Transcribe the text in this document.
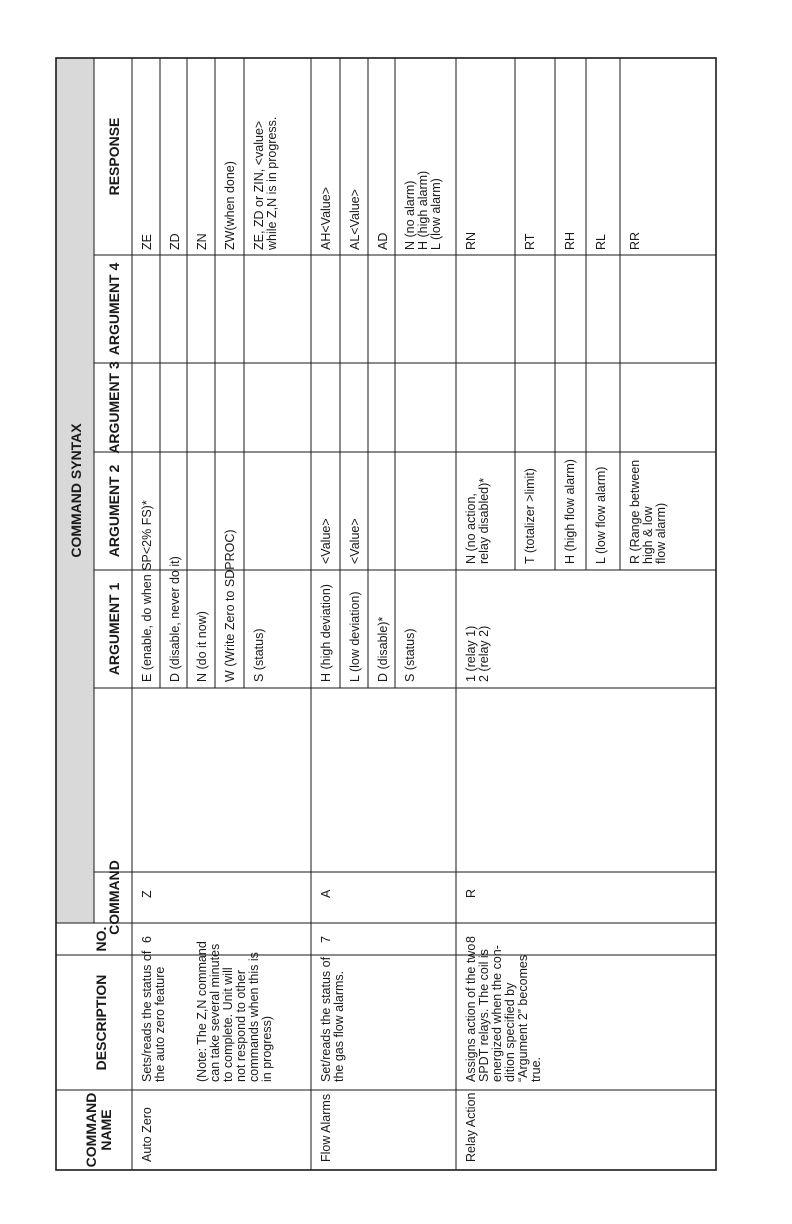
COMMANDNAME
DESCRIPTION
NO.
COMMAND SYNTAX
COMMAND
ARGUMENT 1
ARGUMENT 2
ARGUMENT 3
ARGUMENT 4
RESPONSE
Auto Zero
Sets/reads the status ofthe auto zero feature (Note: The Z,N commandcan take several minutesto complete. Unit willnot respond to othercommands when this isin progress)
6
Z
E (enable, do when SP<2% FS)* D (disable, never do it) N (do it now) W (Write Zero to SDPROC) S (status)
ZE ZD ZN ZW(when done) ZE, ZD or ZIN, <value>while Z,N is in progress.
Flow Alarms
Set/reads the status ofthe gas flow alarms.
7
A
H (high deviation) L (low deviation) D (disable)* S (status)
<Value> <Value>
AH<Value> AL<Value> AD N (no alarm)H (high alarm)L (low alarm)
Relay Action
Assigns action of the twoSPDT relays. The coil isenergized when the con-dition specified by“Argument 2” becomestrue.
8
R
1 (relay 1)2 (relay 2)
N (no action,relay disabled)*	T (totalizer >limit) H (high flow alarm) L (low flow alarm) R (Range betweenhigh & lowflow alarm)
RN	RT RH RL RR
